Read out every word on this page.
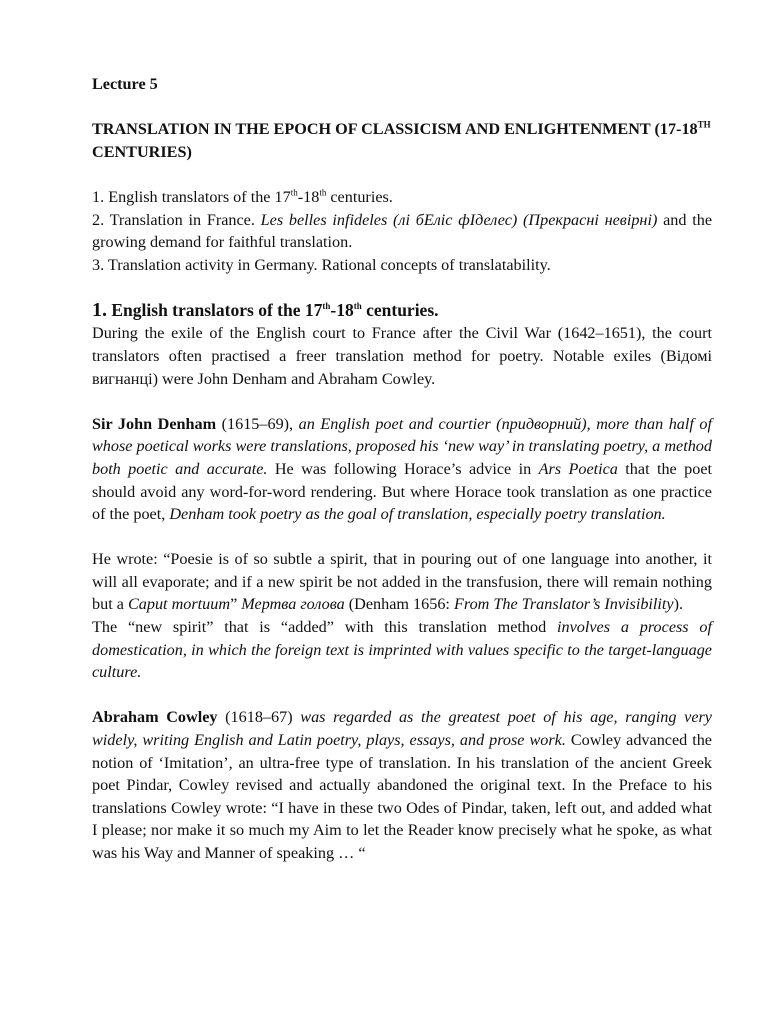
Lecture 5

TRANSLATION IN THE EPOCH OF CLASSICISM AND ENLIGHTENMENT (17-18TH CENTURIES)

1. English translators of the 17th-18th centuries.

2. Translation in France. Les belles infideles (лі бЕліс фІделес) (Прекрасні невірні) and the growing demand for faithful translation.

3. Translation activity in Germany. Rational concepts of translatability.

1. English translators of the 17th-18th centuries.

During the exile of the English court to France after the Civil War (1642–1651), the court translators often practised a freer translation method for poetry. Notable exiles (Відомі вигнанці) were John Denham and Abraham Cowley.

Sir John Denham (1615–69), an English poet and courtier (придворний), more than half of whose poetical works were translations, proposed his ‘new way’ in translating poetry, a method both poetic and accurate. He was following Horace’s advice in Ars Poetica that the poet should avoid any word-for-word rendering. But where Horace took translation as one practice of the poet, Denham took poetry as the goal of translation, especially poetry translation.

He wrote: “Poesie is of so subtle a spirit, that in pouring out of one language into another, it will all evaporate; and if a new spirit be not added in the transfusion, there will remain nothing but a Caput mortuum” Мертва голова (Denham 1656: From The Translator’s Invisibility).

The “new spirit” that is “added” with this translation method involves a process of domestication, in which the foreign text is imprinted with values specific to the target-language culture.

Abraham Cowley (1618–67) was regarded as the greatest poet of his age, ranging very widely, writing English and Latin poetry, plays, essays, and prose work. Cowley advanced the notion of ‘Imitation’, an ultra-free type of translation. In his translation of the ancient Greek poet Pindar, Cowley revised and actually abandoned the original text. In the Preface to his translations Cowley wrote: “I have in these two Odes of Pindar, taken, left out, and added what I please; nor make it so much my Aim to let the Reader know precisely what he spoke, as what was his Way and Manner of speaking … “
